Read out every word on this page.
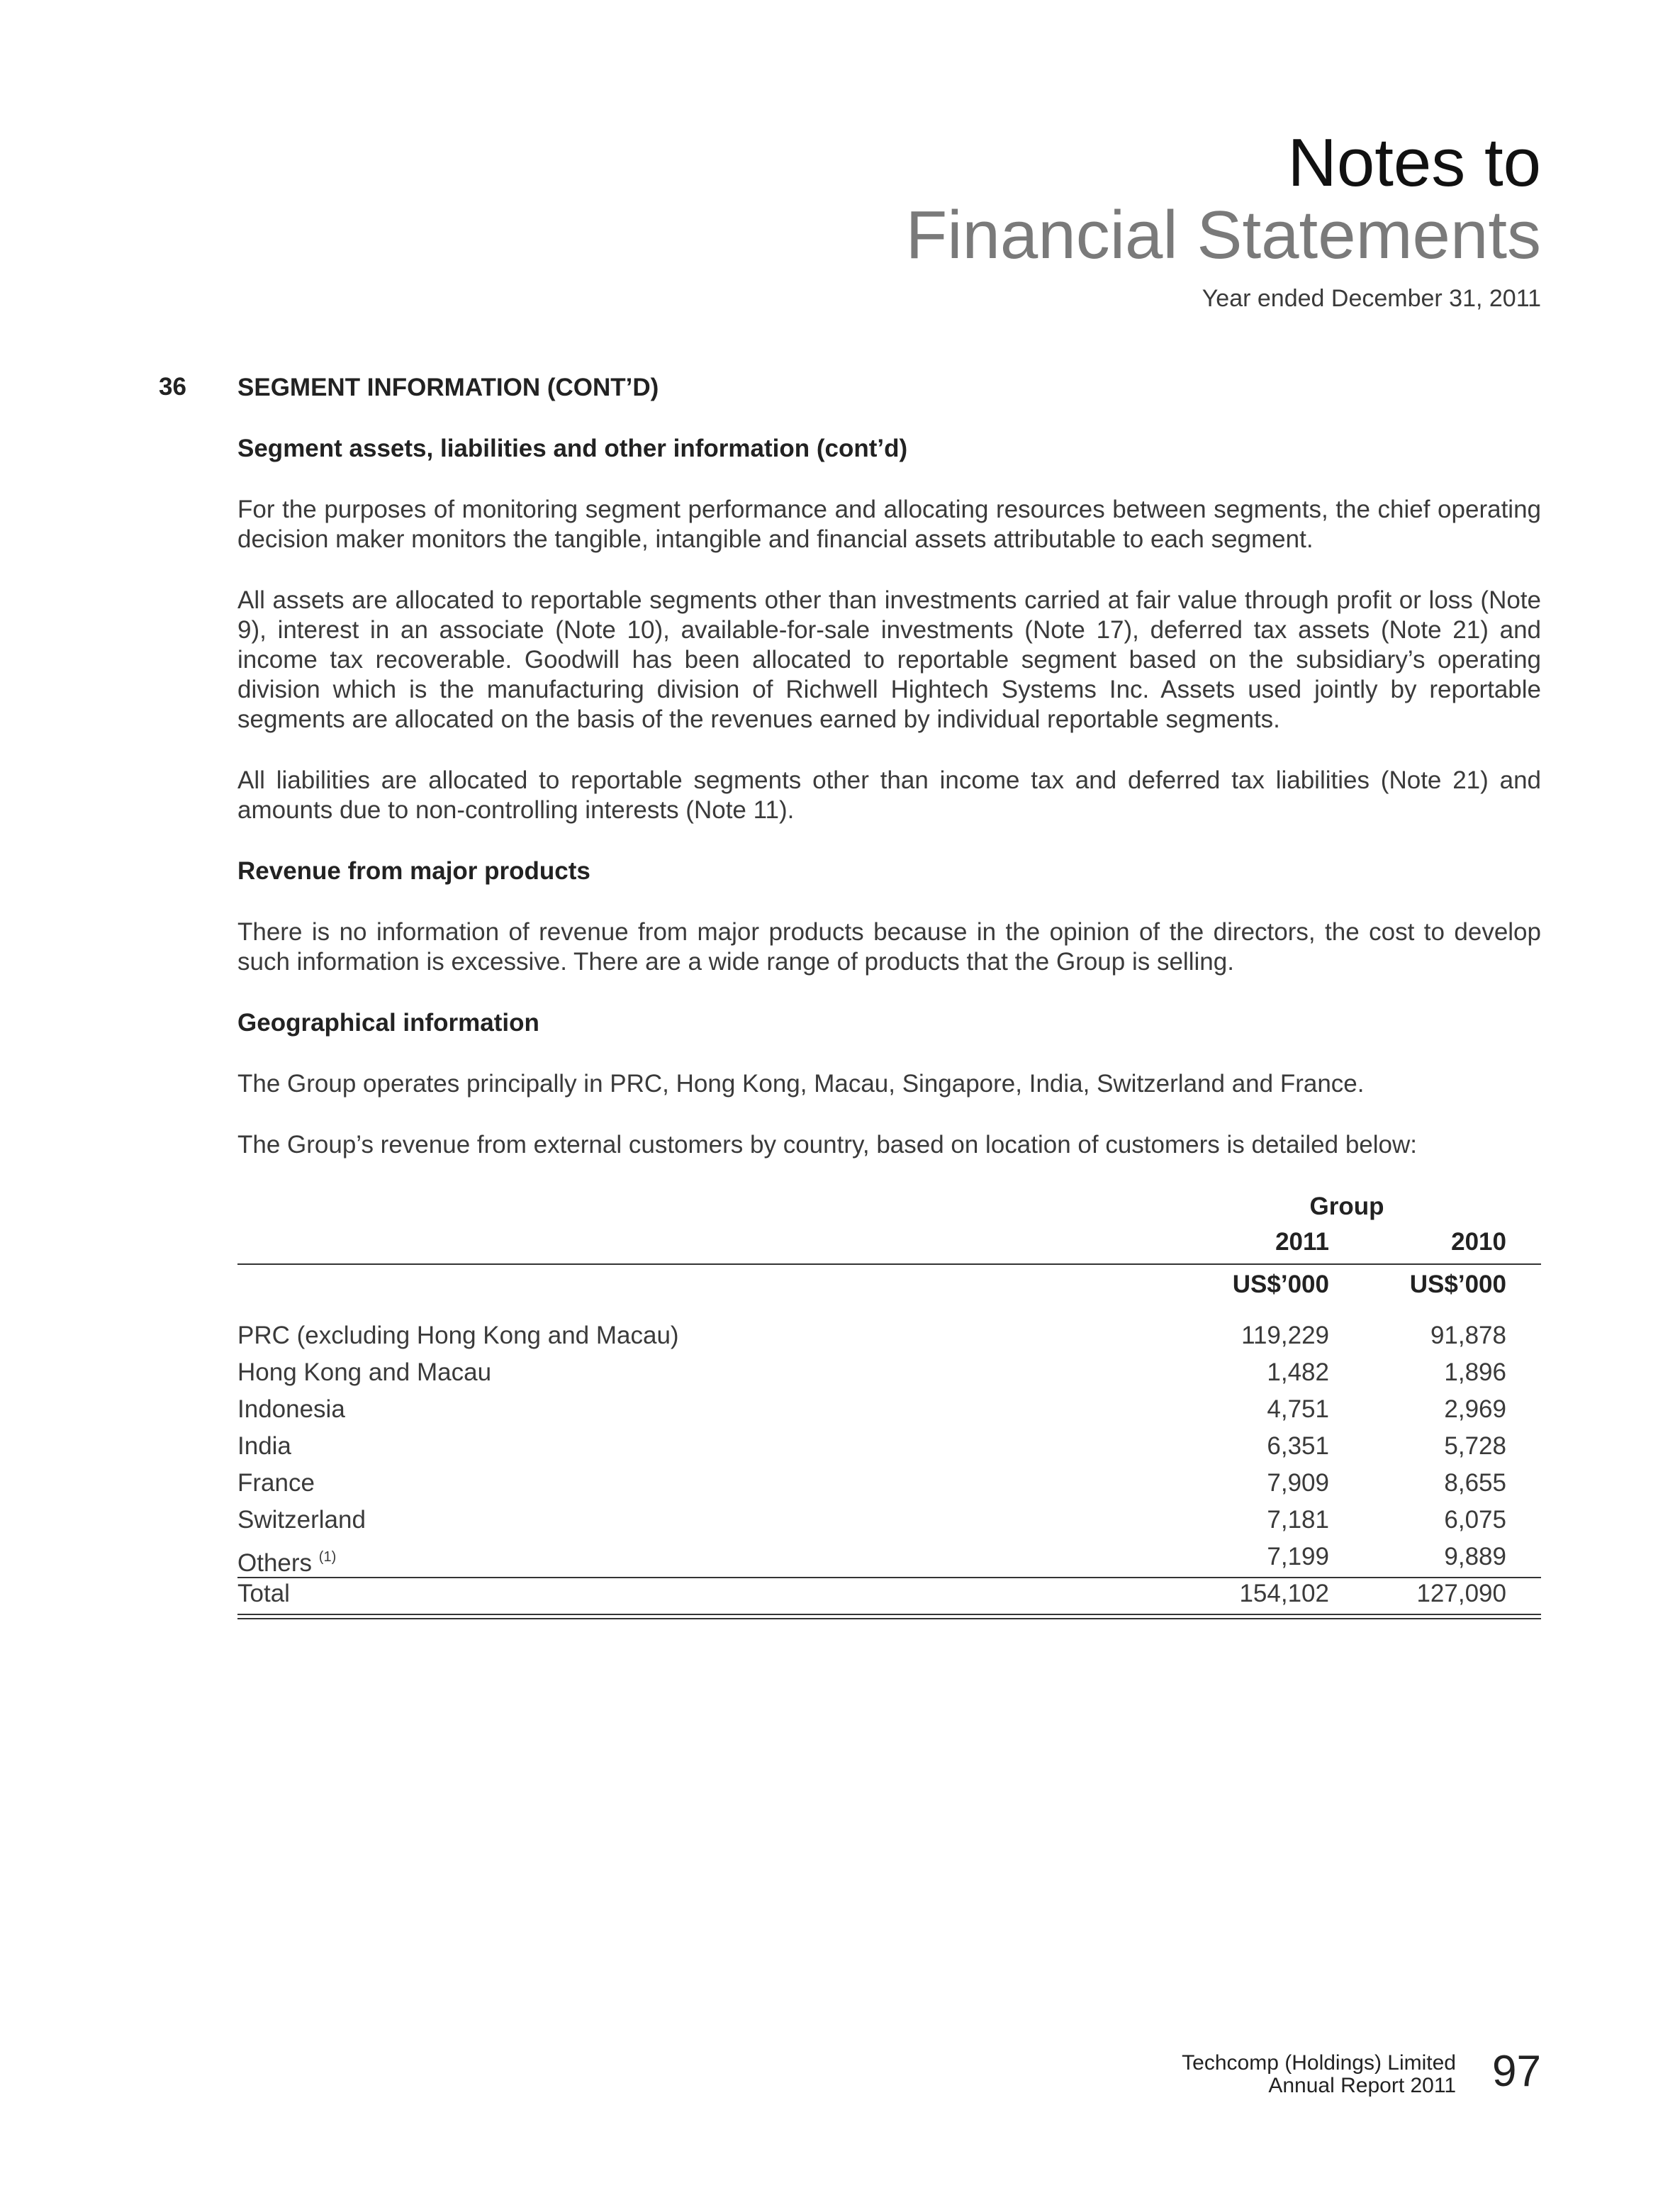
Notes to
Financial Statements
Year ended December 31, 2011
36 SEGMENT INFORMATION (CONT’D)
Segment assets, liabilities and other information (cont’d)
For the purposes of monitoring segment performance and allocating resources between segments, the chief operating decision maker monitors the tangible, intangible and financial assets attributable to each segment.
All assets are allocated to reportable segments other than investments carried at fair value through profit or loss (Note 9), interest in an associate (Note 10), available-for-sale investments (Note 17), deferred tax assets (Note 21) and income tax recoverable. Goodwill has been allocated to reportable segment based on the subsidiary’s operating division which is the manufacturing division of Richwell Hightech Systems Inc. Assets used jointly by reportable segments are allocated on the basis of the revenues earned by individual reportable segments.
All liabilities are allocated to reportable segments other than income tax and deferred tax liabilities (Note 21) and amounts due to non-controlling interests (Note 11).
Revenue from major products
There is no information of revenue from major products because in the opinion of the directors, the cost to develop such information is excessive. There are a wide range of products that the Group is selling.
Geographical information
The Group operates principally in PRC, Hong Kong, Macau, Singapore, India, Switzerland and France.
The Group’s revenue from external customers by country, based on location of customers is detailed below:
Group
2011	2010
US$’000	US$’000
PRC (excluding Hong Kong and Macau)	119,229	91,878
Hong Kong and Macau	1,482	1,896
Indonesia	4,751	2,969
India	6,351	5,728
France	7,909	8,655
Switzerland	7,181	6,075
Others $^{(1)}$	7,199	9,889
Total	154,102	127,090
Techcomp (Holdings) Limited
Annual Report 2011 97
